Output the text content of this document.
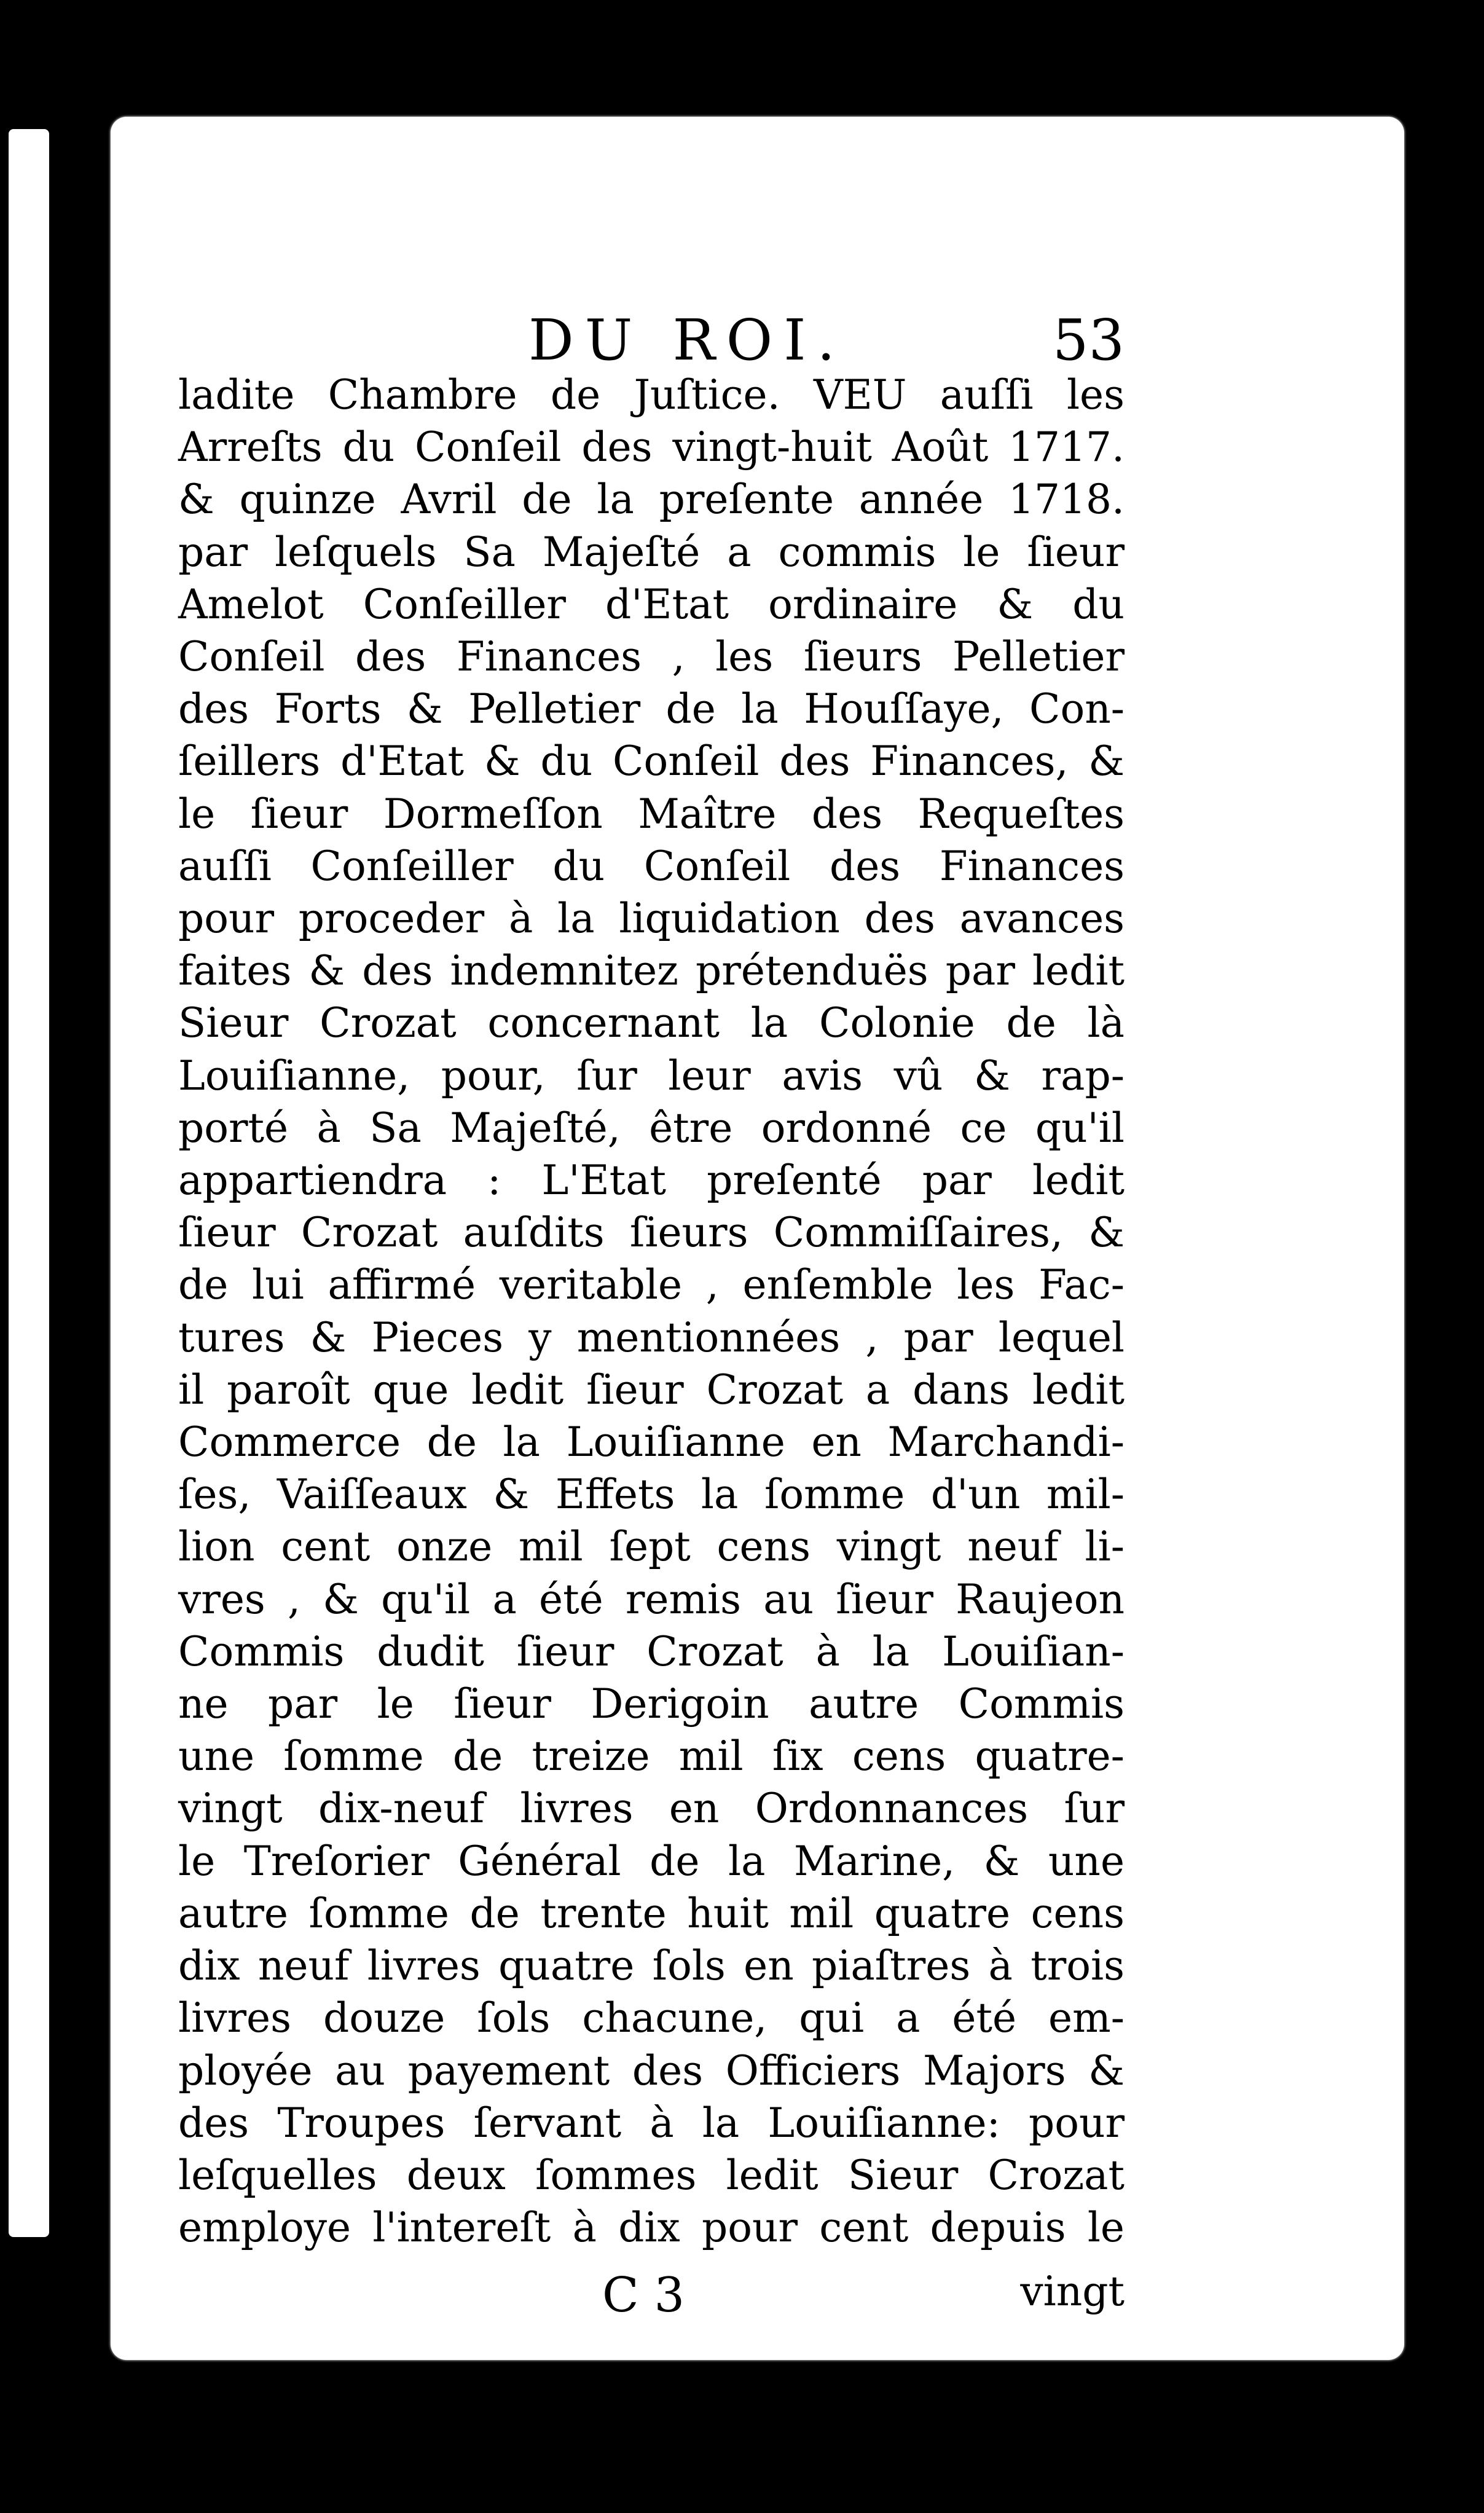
DU ROI.	53
ladite Chambre de Juſtice. VEU auſſi les
Arreſts du Conſeil des vingt-huit Août 1717.
& quinze Avril de la preſente année 1718.
par leſquels Sa Majeſté a commis le ſieur
Amelot Conſeiller d'Etat ordinaire & du
Conſeil des Finances , les ſieurs Pelletier
des Forts & Pelletier de la Houſſaye, Con-
ſeillers d'Etat & du Conſeil des Finances, &
le ſieur Dormeſſon Maître des Requeſtes
auſſi Conſeiller du Conſeil des Finances
pour proceder à la liquidation des avances
faites & des indemnitez prétenduës par ledit
Sieur Crozat concernant la Colonie de là
Louiſianne, pour, ſur leur avis vû & rap-
porté à Sa Majeſté, être ordonné ce qu'il
appartiendra : L'Etat preſenté par ledit
ſieur Crozat auſdits ſieurs Commiſſaires, &
de lui affirmé veritable , enſemble les Fac-
tures & Pieces y mentionnées , par lequel
il paroît que ledit ſieur Crozat a dans ledit
Commerce de la Louiſianne en Marchandi-
ſes, Vaiſſeaux & Effets la ſomme d'un mil-
lion cent onze mil ſept cens vingt neuf li-
vres , & qu'il a été remis au ſieur Raujeon
Commis dudit ſieur Crozat à la Louiſian-
ne par le ſieur Derigoin autre Commis
une ſomme de treize mil ſix cens quatre-
vingt dix-neuf livres en Ordonnances ſur
le Treſorier Général de la Marine, & une
autre ſomme de trente huit mil quatre cens
dix neuf livres quatre ſols en piaſtres à trois
livres douze ſols chacune, qui a été em-
ployée au payement des Officiers Majors &
des Troupes ſervant à la Louiſianne: pour
leſquelles deux ſommes ledit Sieur Crozat
employe l'intereſt à dix pour cent depuis le
C 3	vingt
